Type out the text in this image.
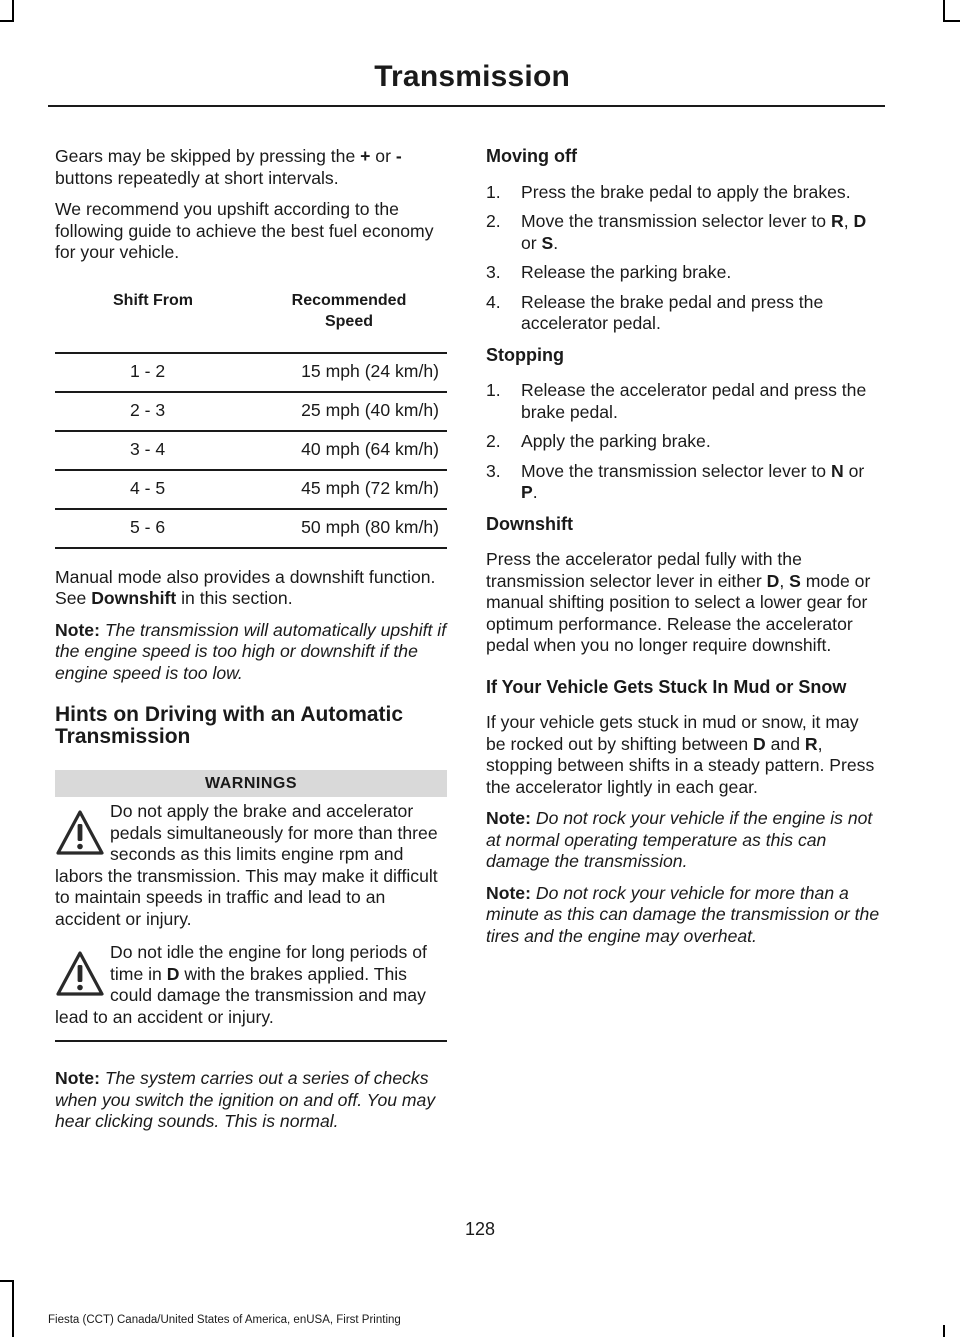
Transmission

Gears may be skipped by pressing the + or - buttons repeatedly at short intervals.

We recommend you upshift according to the following guide to achieve the best fuel economy for your vehicle.

Shift From	Recommended Speed
1 - 2	15 mph (24 km/h)
2 - 3	25 mph (40 km/h)
3 - 4	40 mph (64 km/h)
4 - 5	45 mph (72 km/h)
5 - 6	50 mph (80 km/h)

Manual mode also provides a downshift function. See Downshift in this section.

Note: The transmission will automatically upshift if the engine speed is too high or downshift if the engine speed is too low.

Hints on Driving with an Automatic Transmission
WARNINGS
Do not apply the brake and accelerator pedals simultaneously for more than three seconds as this limits engine rpm and labors the transmission. This may make it difficult to maintain speeds in traffic and lead to an accident or injury.
Do not idle the engine for long periods of time in D with the brakes applied. This could damage the transmission and may lead to an accident or injury.

Note: The system carries out a series of checks when you switch the ignition on and off. You may hear clicking sounds. This is normal.

Moving off
1. Press the brake pedal to apply the brakes.
2. Move the transmission selector lever to R, D or S.
3. Release the parking brake.
4. Release the brake pedal and press the accelerator pedal.
Stopping
1. Release the accelerator pedal and press the brake pedal.
2. Apply the parking brake.
3. Move the transmission selector lever to N or P.
Downshift

Press the accelerator pedal fully with the transmission selector lever in either D, S mode or manual shifting position to select a lower gear for optimum performance. Release the accelerator pedal when you no longer require downshift.

If Your Vehicle Gets Stuck In Mud or Snow

If your vehicle gets stuck in mud or snow, it may be rocked out by shifting between D and R, stopping between shifts in a steady pattern. Press the accelerator lightly in each gear.

Note: Do not rock your vehicle if the engine is not at normal operating temperature as this can damage the transmission.

Note: Do not rock your vehicle for more than a minute as this can damage the transmission or the tires and the engine may overheat.

128
Fiesta (CCT) Canada/United States of America, enUSA, First Printing
